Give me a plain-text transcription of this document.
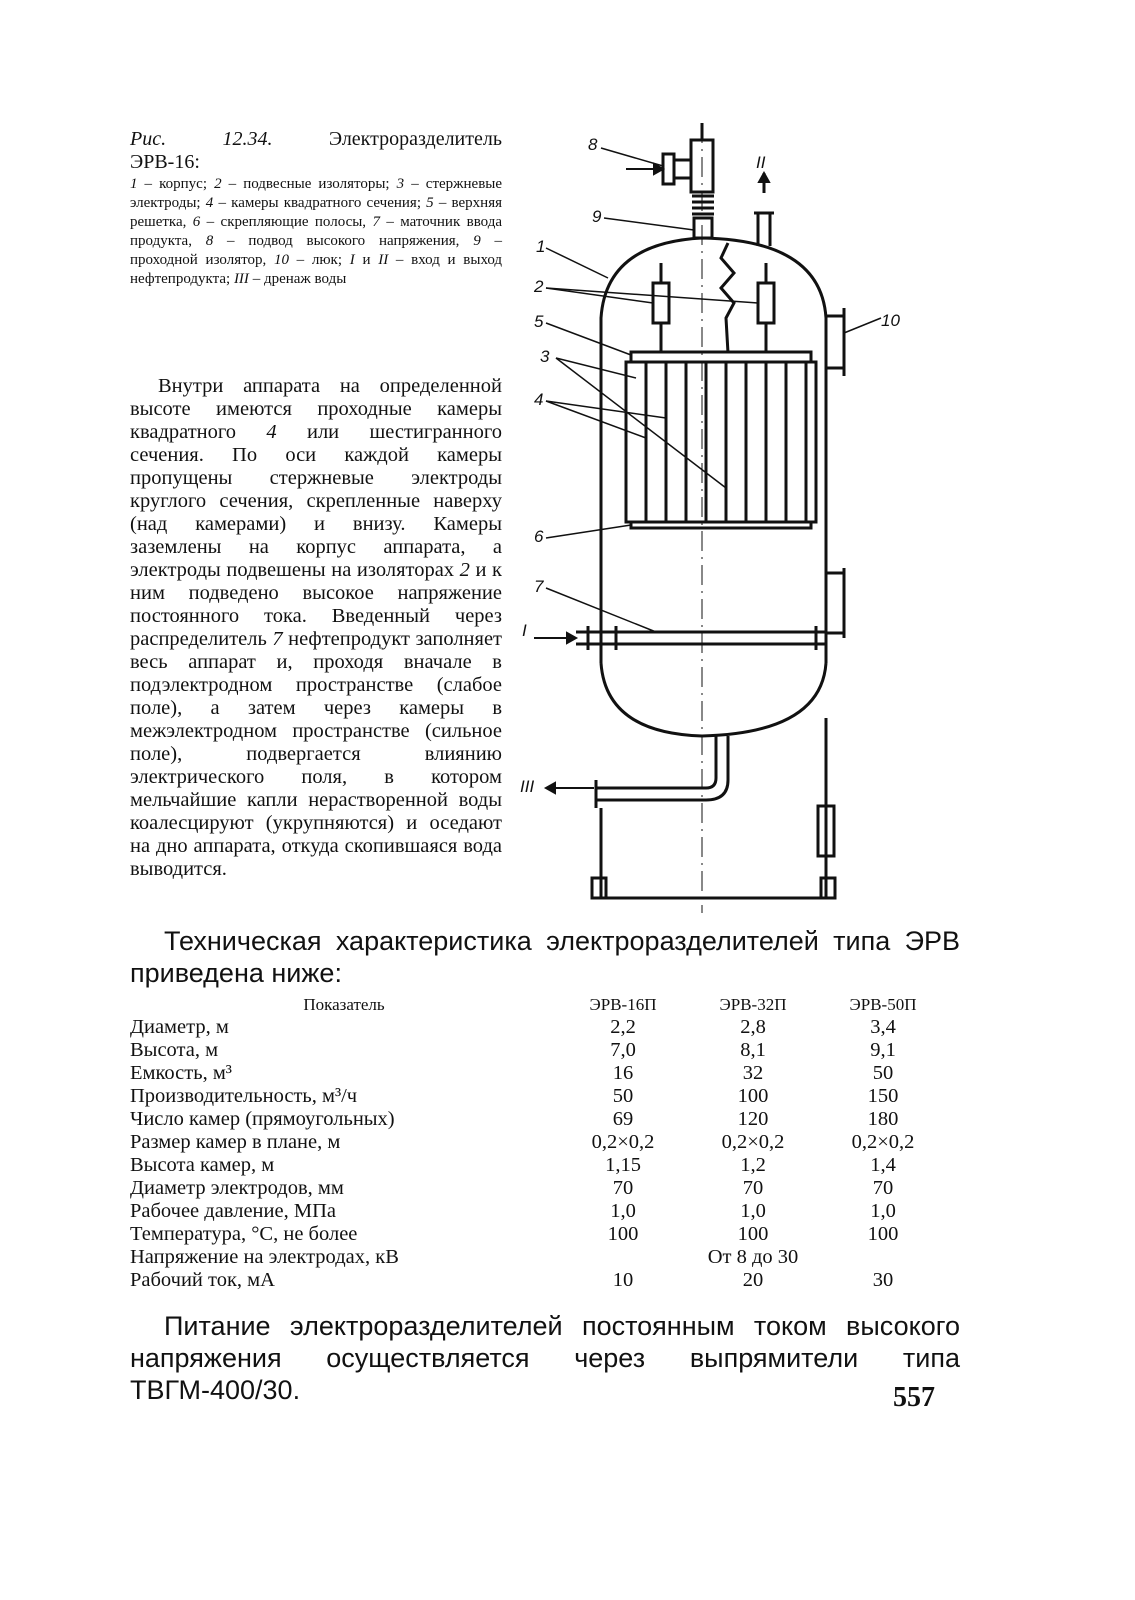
Рис.	12.34.	Электроразделитель
ЭРВ-16:
1 – корпус; 2 – подвесные изоляторы; 3 – стержневые электроды; 4 – камеры квадратного сечения; 5 – верхняя решетка, 6 – скрепляющие полосы, 7 – маточник ввода продукта, 8 – подвод высокого напряжения, 9 – проходной изолятор, 10 – люк; I и II – вход и выход нефтепродукта; III – дренаж воды

Внутри аппарата на определенной высоте имеются проходные камеры квадратного 4 или шестигранного сечения. По оси каждой камеры пропущены стержневые электроды круглого сечения, скрепленные наверху (над камерами) и внизу. Камеры заземлены на корпус аппарата, а электроды подвешены на изоляторах 2 и к ним подведено высокое напряжение постоянного тока. Введенный через распределитель 7 нефтепродукт заполняет весь аппарат и, проходя вначале в подэлектродном пространстве (слабое поле), а затем через камеры в межэлектродном пространстве (сильное поле), подвергается влиянию электрического поля, в котором мельчайшие капли нерастворенной воды коалесцируют (укрупняются) и оседают на дно аппарата, откуда скопившаяся вода выводится.

8
9
1
2
5
3
4
6
7
I
II
III
10

Техническая характеристика электроразделителей типа ЭРВ приведена ниже:

Показатель	ЭРВ-16П	ЭРВ-32П	ЭРВ-50П
Диаметр, м	2,2	2,8	3,4
Высота, м	7,0	8,1	9,1
Емкость, м³	16	32	50
Производительность, м³/ч	50	100	150
Число камер (прямоугольных)	69	120	180
Размер камер в плане, м	0,2×0,2	0,2×0,2	0,2×0,2
Высота камер, м	1,15	1,2	1,4
Диаметр электродов, мм	70	70	70
Рабочее давление, МПа	1,0	1,0	1,0
Температура, °С, не более	100	100	100
Напряжение на электродах, кВ		От 8 до 30	
Рабочий ток, мА	10	20	30

Питание электроразделителей постоянным током высокого напряжения осуществляется через выпрямители типа ТВГМ-400/30.	557
